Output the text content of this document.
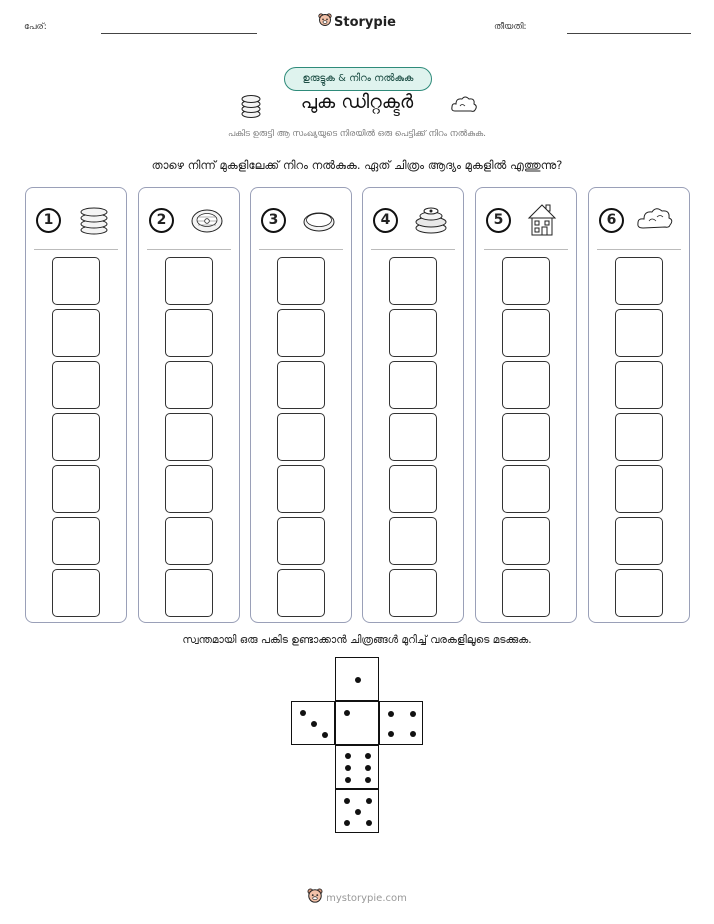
പേര്:	Storypie	തീയതി:
ഉരുട്ടുക & നിറം നൽകുക
പുക ഡിറ്റക്ടർ
പകിട ഉരുട്ടി ആ സംഖ്യയുടെ നിരയിൽ ഒരു പെട്ടിക്ക് നിറം നൽകുക.
താഴെ നിന്ന് മുകളിലേക്ക് നിറം നൽകുക. ഏത് ചിത്രം ആദ്യം മുകളിൽ എത്തുന്നു?
1	2	3	4	5	6
സ്വന്തമായി ഒരു പകിട ഉണ്ടാക്കാൻ ചിത്രങ്ങൾ മുറിച്ച് വരകളിലൂടെ മടക്കുക.
mystorypie.com
